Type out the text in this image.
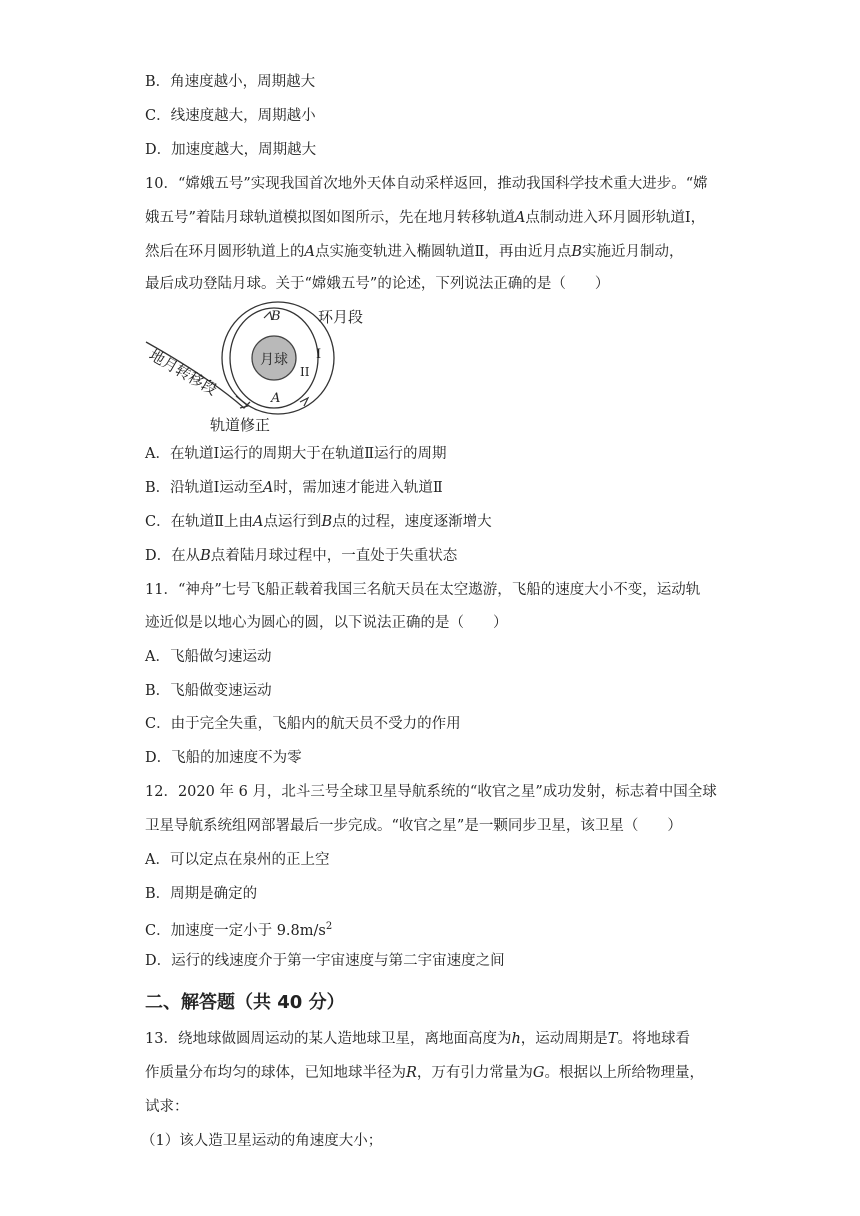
B．角速度越小，周期越大
C．线速度越大，周期越小
D．加速度越大，周期越大
10．“嫦娥五号”实现我国首次地外天体自动采样返回，推动我国科学技术重大进步。“嫦
娥五号”着陆月球轨道模拟图如图所示，先在地月转移轨道A点制动进入环月圆形轨道Ⅰ，
然后在环月圆形轨道上的A点实施变轨进入椭圆轨道Ⅱ，再由近月点B实施近月制动，
最后成功登陆月球。关于“嫦娥五号”的论述，下列说法正确的是（　　）
月球
地月转移段
环月段
轨道修正
I
II
A
B
A．在轨道Ⅰ运行的周期大于在轨道Ⅱ运行的周期
B．沿轨道Ⅰ运动至A时，需加速才能进入轨道Ⅱ
C．在轨道Ⅱ上由A点运行到B点的过程，速度逐渐增大
D．在从B点着陆月球过程中，一直处于失重状态
11．“神舟”七号飞船正载着我国三名航天员在太空遨游，飞船的速度大小不变，运动轨
迹近似是以地心为圆心的圆，以下说法正确的是（　　）
A．飞船做匀速运动
B．飞船做变速运动
C．由于完全失重，飞船内的航天员不受力的作用
D．飞船的加速度不为零
12．2020 年 6 月，北斗三号全球卫星导航系统的“收官之星”成功发射，标志着中国全球
卫星导航系统组网部署最后一步完成。“收官之星”是一颗同步卫星，该卫星（　　）
A．可以定点在泉州的正上空
B．周期是确定的
C．加速度一定小于 $9.8m/s^2$
D．运行的线速度介于第一宇宙速度与第二宇宙速度之间
二、解答题（共 40 分）
13．绕地球做圆周运动的某人造地球卫星，离地面高度为h，运动周期是T。将地球看
作质量分布均匀的球体，已知地球半径为R，万有引力常量为G。根据以上所给物理量，
试求：
（1）该人造卫星运动的角速度大小；
